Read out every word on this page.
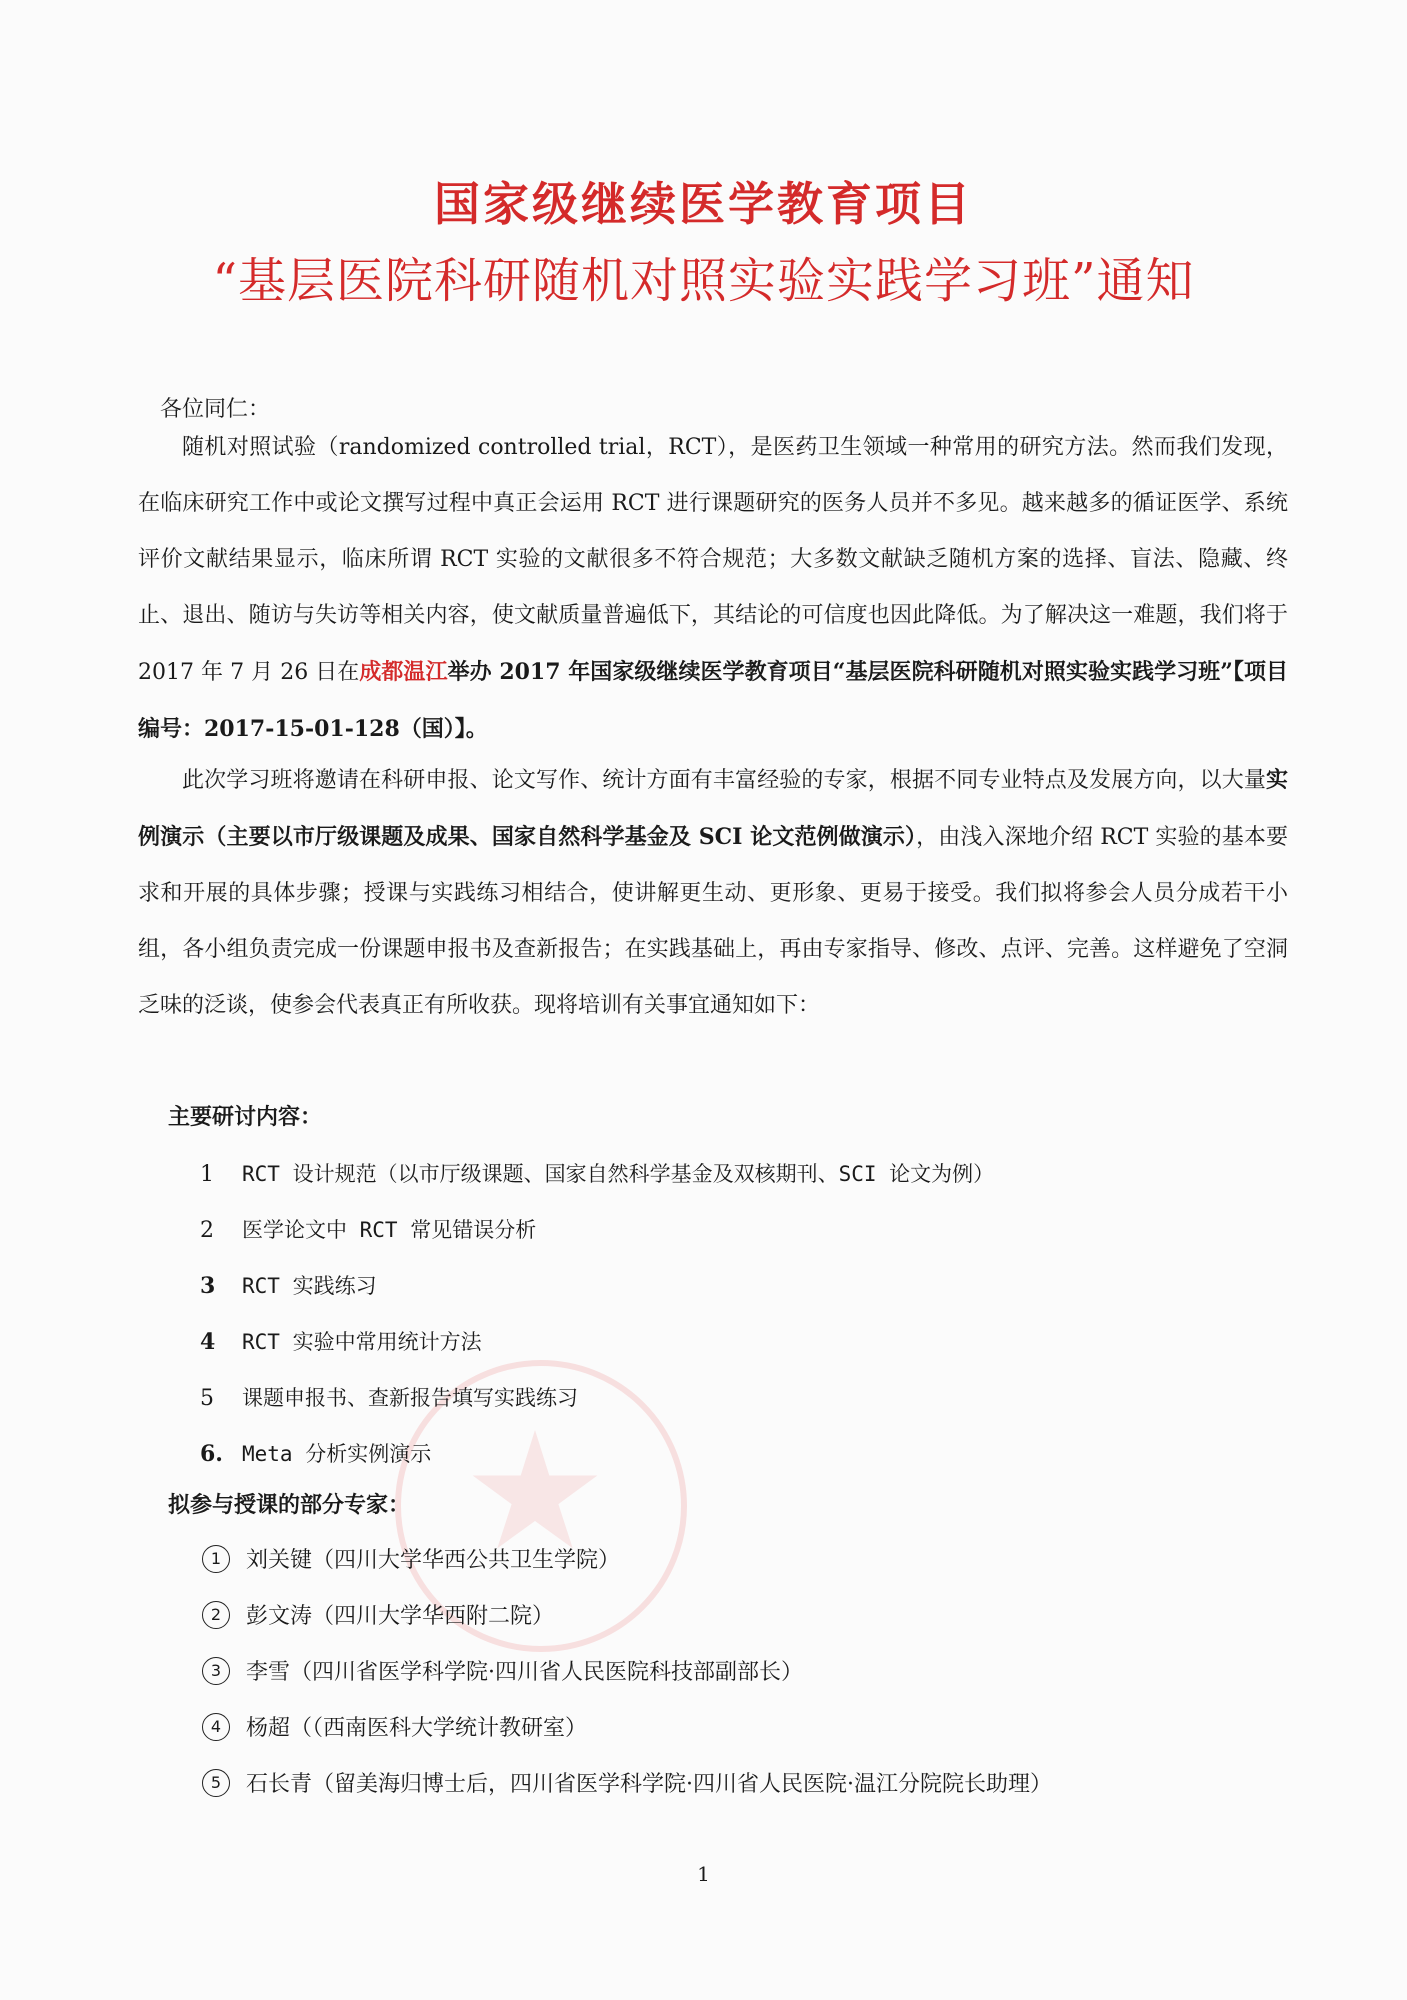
国家级继续医学教育项目
“基层医院科研随机对照实验实践学习班”通知

各位同仁：

随机对照试验（randomized controlled trial，RCT），是医药卫生领域一种常用的研究方法。然而我们发现，在临床研究工作中或论文撰写过程中真正会运用 RCT 进行课题研究的医务人员并不多见。越来越多的循证医学、系统评价文献结果显示，临床所谓 RCT 实验的文献很多不符合规范；大多数文献缺乏随机方案的选择、盲法、隐藏、终止、退出、随访与失访等相关内容，使文献质量普遍低下，其结论的可信度也因此降低。为了解决这一难题，我们将于 2017 年 7 月 26 日在成都温江举办 2017 年国家级继续医学教育项目“基层医院科研随机对照实验实践学习班”【项目编号：2017-15-01-128（国）】。

此次学习班将邀请在科研申报、论文写作、统计方面有丰富经验的专家，根据不同专业特点及发展方向，以大量实例演示（主要以市厅级课题及成果、国家自然科学基金及 SCI 论文范例做演示），由浅入深地介绍 RCT 实验的基本要求和开展的具体步骤；授课与实践练习相结合，使讲解更生动、更形象、更易于接受。我们拟将参会人员分成若干小组，各小组负责完成一份课题申报书及查新报告；在实践基础上，再由专家指导、修改、点评、完善。这样避免了空洞乏味的泛谈，使参会代表真正有所收获。现将培训有关事宜通知如下：

主要研讨内容：

1 RCT 设计规范（以市厅级课题、国家自然科学基金及双核期刊、SCI 论文为例）
2 医学论文中 RCT 常见错误分析
3 RCT 实践练习
4 RCT 实验中常用统计方法
5 课题申报书、查新报告填写实践练习
6. Meta 分析实例演示

拟参与授课的部分专家：

1 刘关键（四川大学华西公共卫生学院）
2 彭文涛（四川大学华西附二院）
3 李雪（四川省医学科学院·四川省人民医院科技部副部长）
4 杨超（（西南医科大学统计教研室）
5 石长青（留美海归博士后，四川省医学科学院·四川省人民医院·温江分院院长助理）

1
